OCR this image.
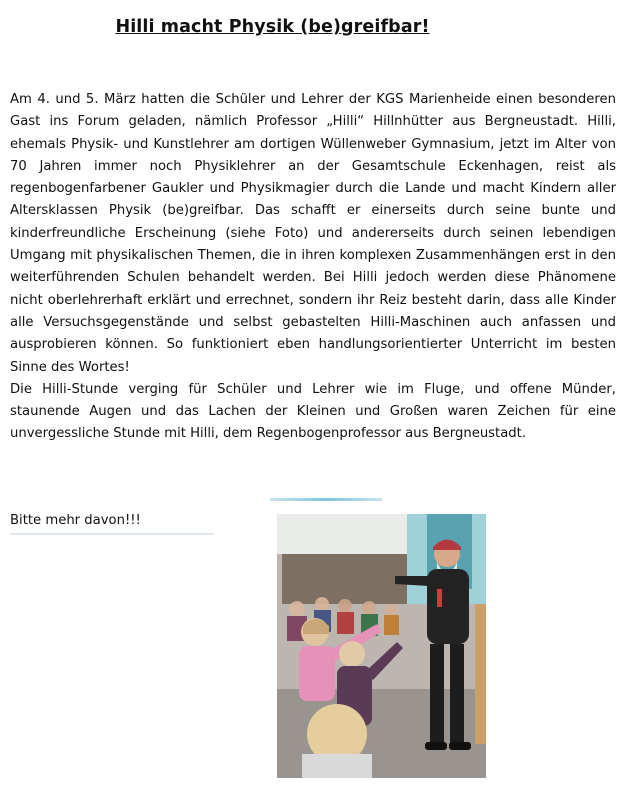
Hilli macht Physik (be)greifbar!

Am 4. und 5. März hatten die Schüler und Lehrer der KGS Marienheide einen besonderen Gast ins Forum geladen, nämlich Professor „Hilli“ Hillnhütter aus Bergneustadt. Hilli, ehemals Physik- und Kunstlehrer am dortigen Wüllenweber Gymnasium, jetzt im Alter von 70 Jahren immer noch Physiklehrer an der Gesamtschule Eckenhagen, reist als regenbogenfarbener Gaukler und Physikmagier durch die Lande und macht Kindern aller Altersklassen Physik (be)greifbar. Das schafft er einerseits durch seine bunte und kinderfreundliche Erscheinung (siehe Foto) und andererseits durch seinen lebendigen Umgang mit physikalischen Themen, die in ihren komplexen Zusammenhängen erst in den weiterführenden Schulen behandelt werden. Bei Hilli jedoch werden diese Phänomene nicht oberlehrerhaft erklärt und errechnet, sondern ihr Reiz besteht darin, dass alle Kinder alle Versuchsgegenstände und selbst gebastelten Hilli-Maschinen auch anfassen und ausprobieren können. So funktioniert eben handlungsorientierter Unterricht im besten Sinne des Wortes!

Die Hilli-Stunde verging für Schüler und Lehrer wie im Fluge, und offene Münder, staunende Augen und das Lachen der Kleinen und Großen waren Zeichen für eine unvergessliche Stunde mit Hilli, dem Regenbogenprofessor aus Bergneustadt.

Bitte mehr davon!!!
